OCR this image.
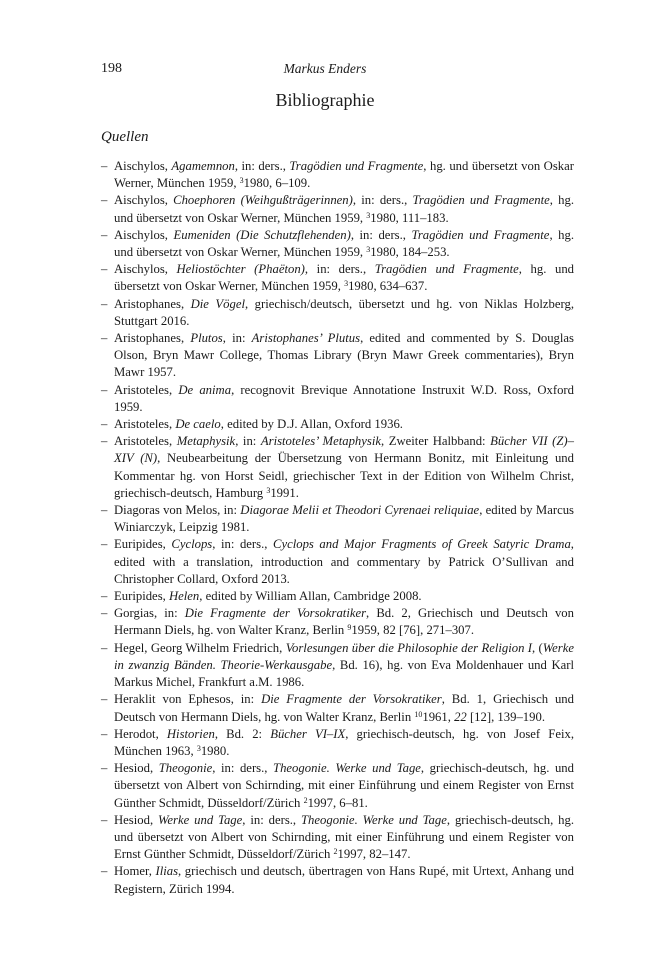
198	Markus Enders
Bibliographie
Quellen
– Aischylos, Agamemnon, in: ders., Tragödien und Fragmente, hg. und übersetzt von Oskar Werner, München 1959, $^3$1980, 6–109.
– Aischylos, Choephoren (Weihgußträgerinnen), in: ders., Tragödien und Fragmente, hg. und übersetzt von Oskar Werner, München 1959, $^3$1980, 111–183.
– Aischylos, Eumeniden (Die Schutzflehenden), in: ders., Tragödien und Fragmente, hg. und übersetzt von Oskar Werner, München 1959, $^3$1980, 184–253.
– Aischylos, Heliostöchter (Phaëton), in: ders., Tragödien und Fragmente, hg. und übersetzt von Oskar Werner, München 1959, $^3$1980, 634–637.
– Aristophanes, Die Vögel, griechisch/deutsch, übersetzt und hg. von Niklas Holzberg, Stuttgart 2016.
– Aristophanes, Plutos, in: Aristophanes’ Plutus, edited and commented by S. Douglas Olson, Bryn Mawr College, Thomas Library (Bryn Mawr Greek commentaries), Bryn Mawr 1957.
– Aristoteles, De anima, recognovit Brevique Annotatione Instruxit W.D. Ross, Oxford 1959.
– Aristoteles, De caelo, edited by D.J. Allan, Oxford 1936.
– Aristoteles, Metaphysik, in: Aristoteles’ Metaphysik, Zweiter Halbband: Bücher VII (Z)–XIV (N), Neubearbeitung der Übersetzung von Hermann Bonitz, mit Einleitung und Kommentar hg. von Horst Seidl, griechischer Text in der Edition von Wilhelm Christ, griechisch-deutsch, Hamburg $^3$1991.
– Diagoras von Melos, in: Diagorae Melii et Theodori Cyrenaei reliquiae, edited by Marcus Winiarczyk, Leipzig 1981.
– Euripides, Cyclops, in: ders., Cyclops and Major Fragments of Greek Satyric Drama, edited with a translation, introduction and commentary by Patrick O’Sullivan and Christopher Collard, Oxford 2013.
– Euripides, Helen, edited by William Allan, Cambridge 2008.
– Gorgias, in: Die Fragmente der Vorsokratiker, Bd. 2, Griechisch und Deutsch von Hermann Diels, hg. von Walter Kranz, Berlin $^9$1959, 82 [76], 271–307.
– Hegel, Georg Wilhelm Friedrich, Vorlesungen über die Philosophie der Religion I, (Werke in zwanzig Bänden. Theorie-Werkausgabe, Bd. 16), hg. von Eva Moldenhauer und Karl Markus Michel, Frankfurt a.M. 1986.
– Heraklit von Ephesos, in: Die Fragmente der Vorsokratiker, Bd. 1, Griechisch und Deutsch von Hermann Diels, hg. von Walter Kranz, Berlin $^{10}$1961, 22 [12], 139–190.
– Herodot, Historien, Bd. 2: Bücher VI–IX, griechisch-deutsch, hg. von Josef Feix, München 1963, $^3$1980.
– Hesiod, Theogonie, in: ders., Theogonie. Werke und Tage, griechisch-deutsch, hg. und übersetzt von Albert von Schirnding, mit einer Einführung und einem Register von Ernst Günther Schmidt, Düsseldorf/Zürich $^2$1997, 6–81.
– Hesiod, Werke und Tage, in: ders., Theogonie. Werke und Tage, griechisch-deutsch, hg. und übersetzt von Albert von Schirnding, mit einer Einführung und einem Register von Ernst Günther Schmidt, Düsseldorf/Zürich $^2$1997, 82–147.
– Homer, Ilias, griechisch und deutsch, übertragen von Hans Rupé, mit Urtext, Anhang und Registern, Zürich 1994.
